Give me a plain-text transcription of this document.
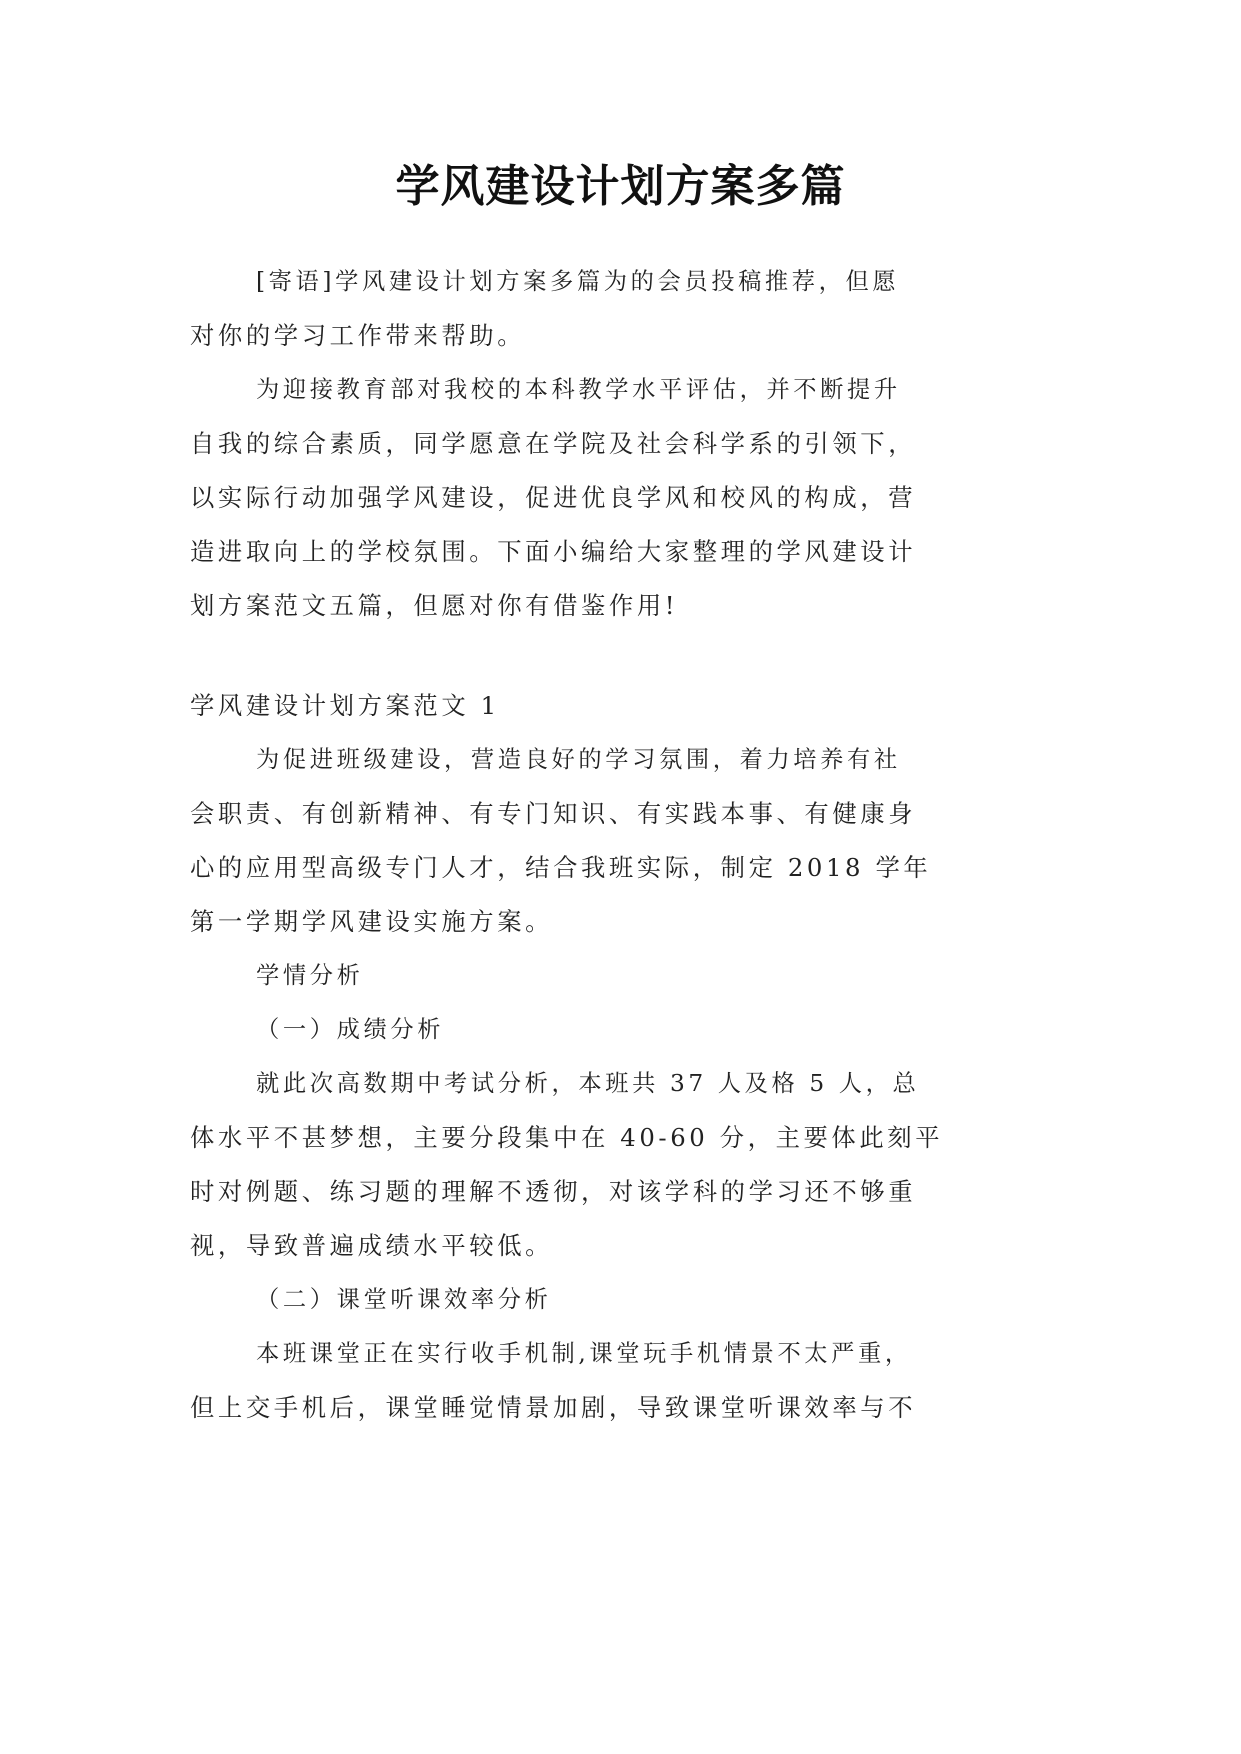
学风建设计划方案多篇
[寄语]学风建设计划方案多篇为的会员投稿推荐，但愿
对你的学习工作带来帮助。
为迎接教育部对我校的本科教学水平评估，并不断提升
自我的综合素质，同学愿意在学院及社会科学系的引领下，
以实际行动加强学风建设，促进优良学风和校风的构成，营
造进取向上的学校氛围。下面小编给大家整理的学风建设计
划方案范文五篇，但愿对你有借鉴作用!
学风建设计划方案范文 1
为促进班级建设，营造良好的学习氛围，着力培养有社
会职责、有创新精神、有专门知识、有实践本事、有健康身
心的应用型高级专门人才，结合我班实际，制定 2018 学年
第一学期学风建设实施方案。
学情分析
（一）成绩分析
就此次高数期中考试分析，本班共 37 人及格 5 人，总
体水平不甚梦想，主要分段集中在 40-60 分，主要体此刻平
时对例题、练习题的理解不透彻，对该学科的学习还不够重
视，导致普遍成绩水平较低。
（二）课堂听课效率分析
本班课堂正在实行收手机制,课堂玩手机情景不太严重，
但上交手机后，课堂睡觉情景加剧，导致课堂听课效率与不
